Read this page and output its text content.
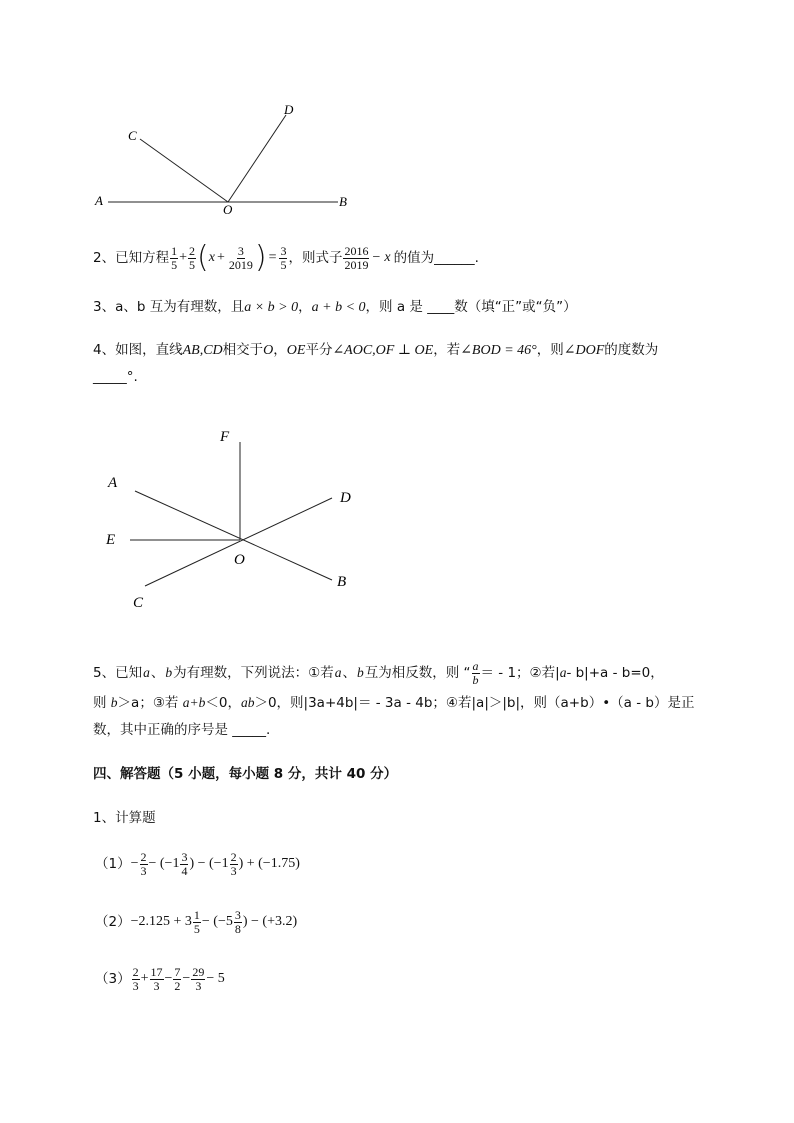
A	B
C
D
O
2、已知方程 $\frac{1}{5} + \frac{2}{5}$ ( $x + \frac{3}{2019}$ ) = $\frac{3}{5}$ ，则式子 $\frac{2016}{2019} - x$ 的值为______.
3、a、b 互为有理数，且a × b > 0，a + b < 0，则 a 是 ____数（填“正”或“负”）
4、如图，直线AB,CD相交于O，OE平分∠AOC,OF ⊥ OE，若∠BOD = 46°，则∠DOF的度数为
_____°.
F
A
D
E
O
C
B
5、已知 a 、 b 为有理数，下列说法：①若 a 、 b 互为相反数，则 “ $\frac{a}{b}$ ＝ - 1；②若| a - b|+a - b=0，
则 b＞a；③若 a+b＜0，ab＞0，则|3a+4b|＝ - 3a - 4b；④若|a|＞|b|，则（a+b）•（a - b）是正
数，其中正确的序号是 _____.
四、解答题（5 小题，每小题 8 分，共计 40 分）
1、计算题
$(1) - \frac{2}{3} - (-1 \frac{3}{4}$ ) − ($-1 \frac{2}{3}$ ) + (−1.75)
$(2) -2.125 + 3 \frac{1}{5} - (-5 \frac{3}{8}$ ) − (+3.2)
$(3) \frac{2}{3} + \frac{17}{3} - \frac{7}{2} - \frac{29}{3} - 5$
